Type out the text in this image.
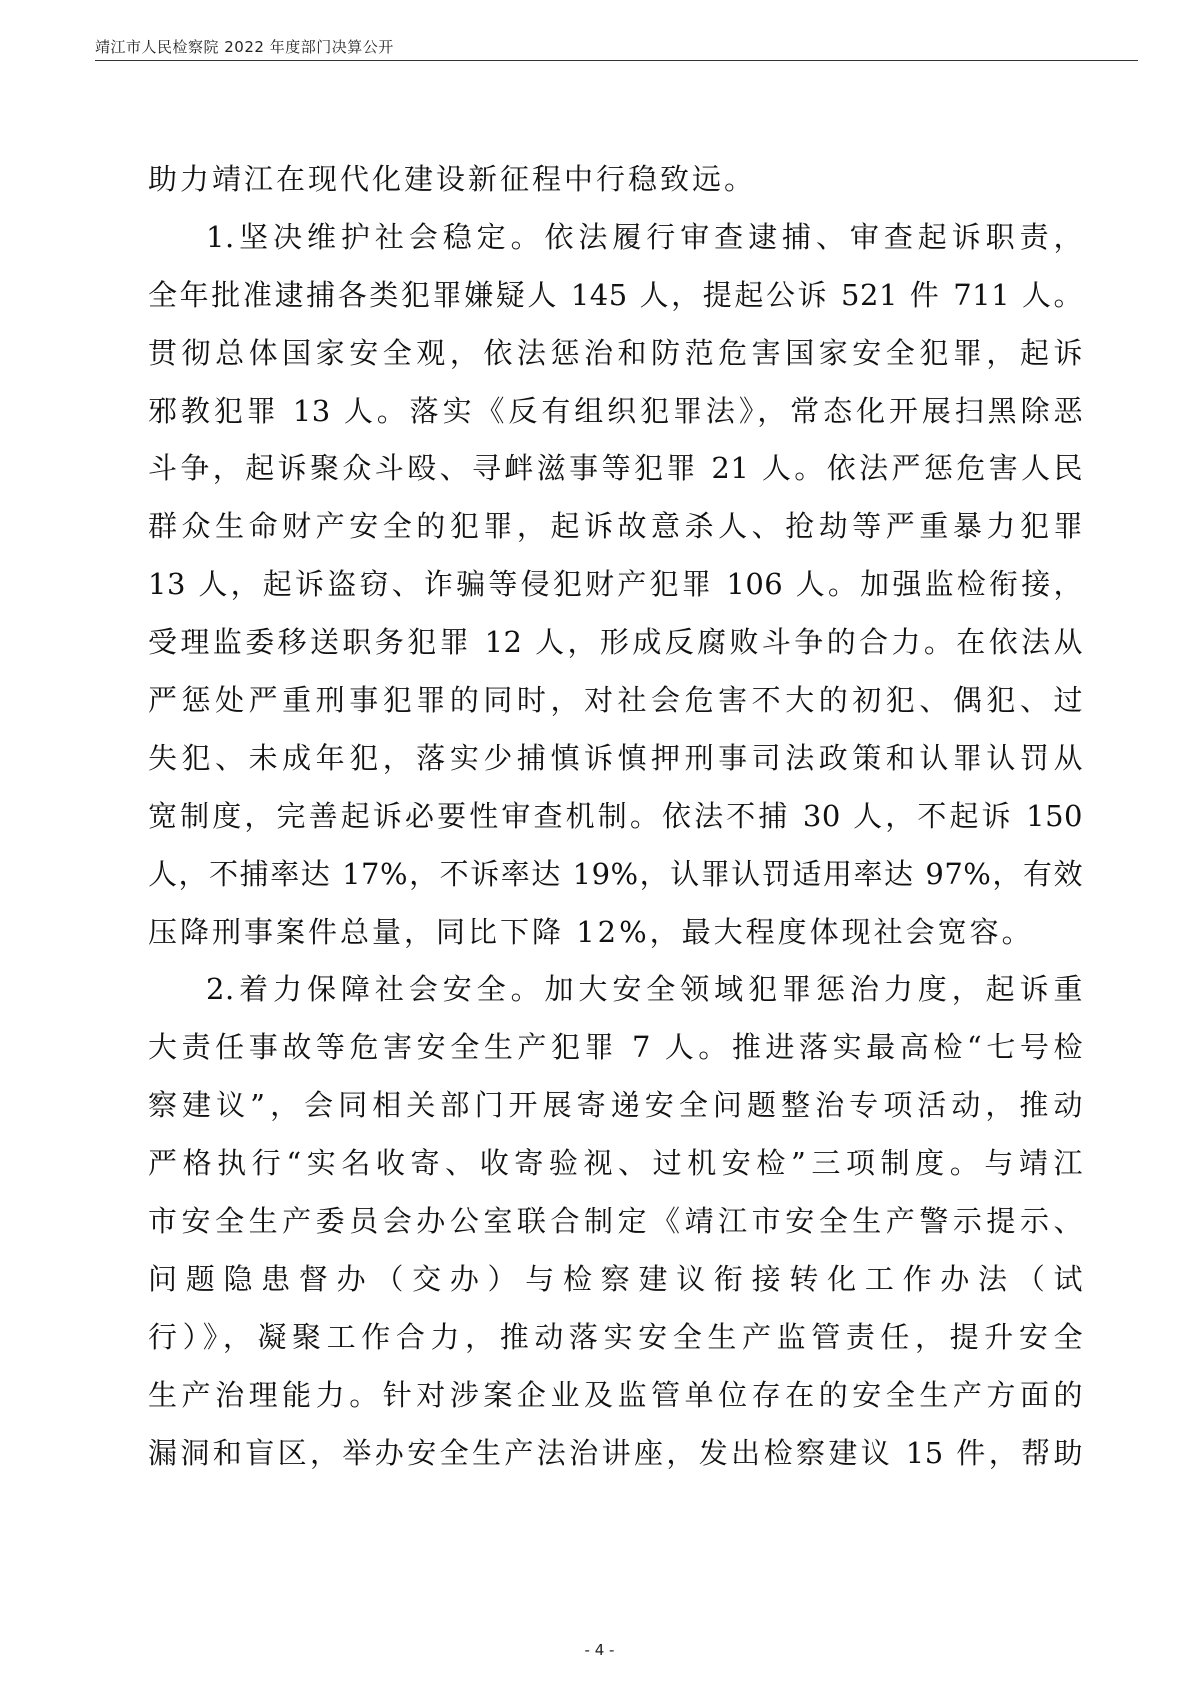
靖江市人民检察院 2022 年度部门决算公开
助力靖江在现代化建设新征程中行稳致远。
1.坚决维护社会稳定。依法履行审查逮捕、审查起诉职责，
全年批准逮捕各类犯罪嫌疑人 145 人，提起公诉 521 件 711 人。
贯彻总体国家安全观，依法惩治和防范危害国家安全犯罪，起诉
邪教犯罪 13 人。落实《反有组织犯罪法》，常态化开展扫黑除恶
斗争，起诉聚众斗殴、寻衅滋事等犯罪 21 人。依法严惩危害人民
群众生命财产安全的犯罪，起诉故意杀人、抢劫等严重暴力犯罪
13 人，起诉盗窃、诈骗等侵犯财产犯罪 106 人。加强监检衔接，
受理监委移送职务犯罪 12 人，形成反腐败斗争的合力。在依法从
严惩处严重刑事犯罪的同时，对社会危害不大的初犯、偶犯、过
失犯、未成年犯，落实少捕慎诉慎押刑事司法政策和认罪认罚从
宽制度，完善起诉必要性审查机制。依法不捕 30 人，不起诉 150
人，不捕率达 17%，不诉率达 19%，认罪认罚适用率达 97%，有效
压降刑事案件总量，同比下降 12%，最大程度体现社会宽容。
2.着力保障社会安全。加大安全领域犯罪惩治力度，起诉重
大责任事故等危害安全生产犯罪 7 人。推进落实最高检“七号检
察建议”，会同相关部门开展寄递安全问题整治专项活动，推动
严格执行“实名收寄、收寄验视、过机安检”三项制度。与靖江
市安全生产委员会办公室联合制定《靖江市安全生产警示提示、
问题隐患督办（交办）与检察建议衔接转化工作办法（试
行）》，凝聚工作合力，推动落实安全生产监管责任，提升安全
生产治理能力。针对涉案企业及监管单位存在的安全生产方面的
漏洞和盲区，举办安全生产法治讲座，发出检察建议 15 件，帮助
- 4 -
